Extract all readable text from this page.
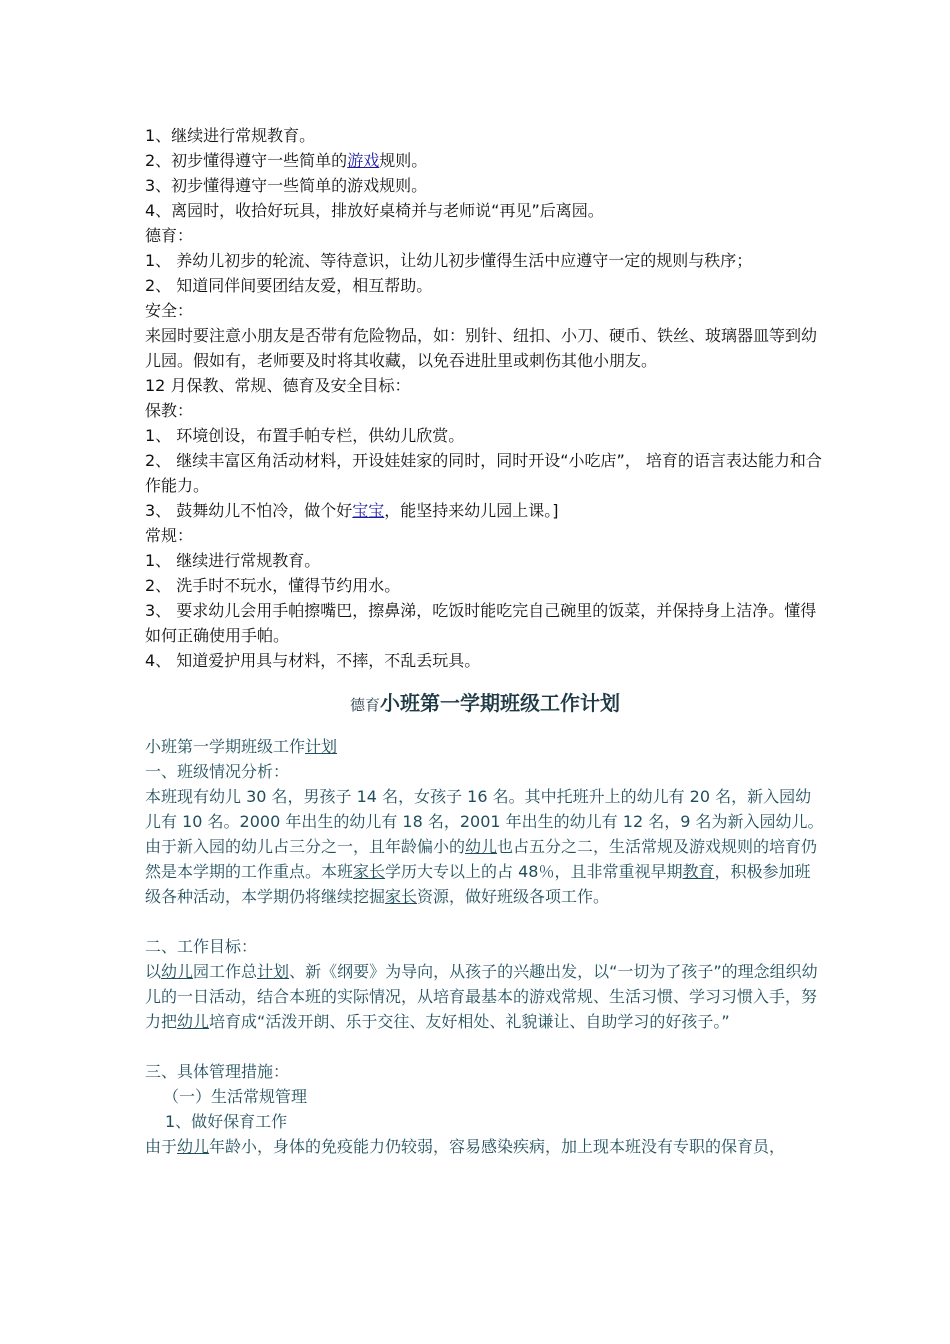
1、继续进行常规教育。

2、初步懂得遵守一些简单的游戏规则。

3、初步懂得遵守一些简单的游戏规则。

4、离园时，收拾好玩具，排放好桌椅并与老师说“再见”后离园。

德育：

1、 养幼儿初步的轮流、等待意识，让幼儿初步懂得生活中应遵守一定的规则与秩序；

2、 知道同伴间要团结友爱，相互帮助。

安全：

来园时要注意小朋友是否带有危险物品，如：别针、纽扣、小刀、硬币、铁丝、玻璃器皿等到幼儿园。假如有，老师要及时将其收藏，以免吞进肚里或刺伤其他小朋友。

12 月保教、常规、德育及安全目标：

保教：

1、 环境创设，布置手帕专栏，供幼儿欣赏。

2、 继续丰富区角活动材料，开设娃娃家的同时，同时开设“小吃店”， 培育的语言表达能力和合作能力。

3、 鼓舞幼儿不怕冷，做个好宝宝，能坚持来幼儿园上课。]

常规：

1、 继续进行常规教育。

2、 洗手时不玩水，懂得节约用水。

3、 要求幼儿会用手帕擦嘴巴，擦鼻涕，吃饭时能吃完自己碗里的饭菜，并保持身上洁净。懂得如何正确使用手帕。

4、 知道爱护用具与材料，不摔，不乱丢玩具。

德育小班第一学期班级工作计划

小班第一学期班级工作计划

一、班级情况分析：

本班现有幼儿 30 名，男孩子 14 名，女孩子 16 名。其中托班升上的幼儿有 20 名，新入园幼儿有 10 名。2000 年出生的幼儿有 18 名，2001 年出生的幼儿有 12 名，9 名为新入园幼儿。由于新入园的幼儿占三分之一，且年龄偏小的幼儿也占五分之二，生活常规及游戏规则的培育仍然是本学期的工作重点。本班家长学历大专以上的占 48％，且非常重视早期教育，积极参加班级各种活动，本学期仍将继续挖掘家长资源，做好班级各项工作。

二、工作目标：

以幼儿园工作总计划、新《纲要》为导向，从孩子的兴趣出发，以“一切为了孩子”的理念组织幼儿的一日活动，结合本班的实际情况，从培育最基本的游戏常规、生活习惯、学习习惯入手，努力把幼儿培育成“活泼开朗、乐于交往、友好相处、礼貌谦让、自助学习的好孩子。”

三、具体管理措施：

（一）生活常规管理

1、做好保育工作

由于幼儿年龄小，身体的免疫能力仍较弱，容易感染疾病，加上现本班没有专职的保育员，
